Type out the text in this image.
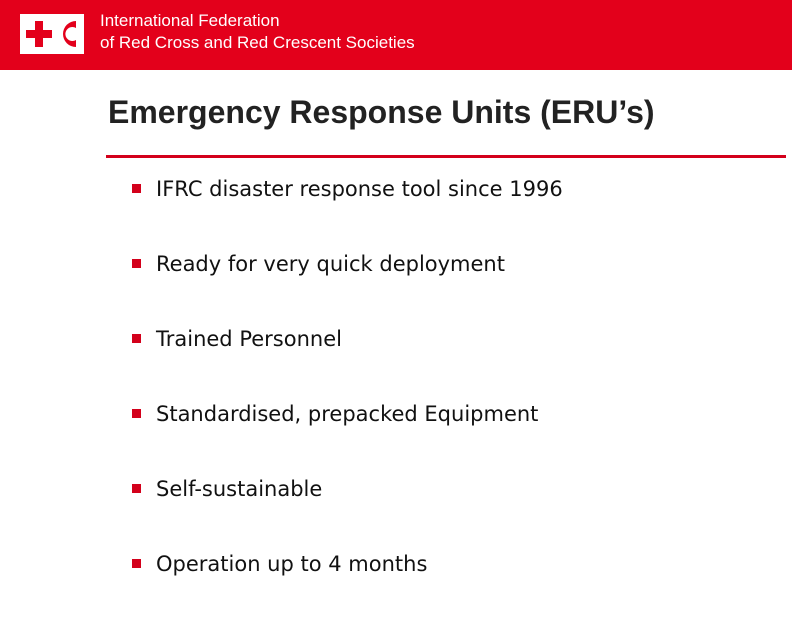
International Federation
of Red Cross and Red Crescent Societies
Emergency Response Units (ERU’s)
IFRC disaster response tool since 1996
Ready for very quick deployment
Trained Personnel
Standardised, prepacked Equipment
Self-sustainable
Operation up to 4 months
